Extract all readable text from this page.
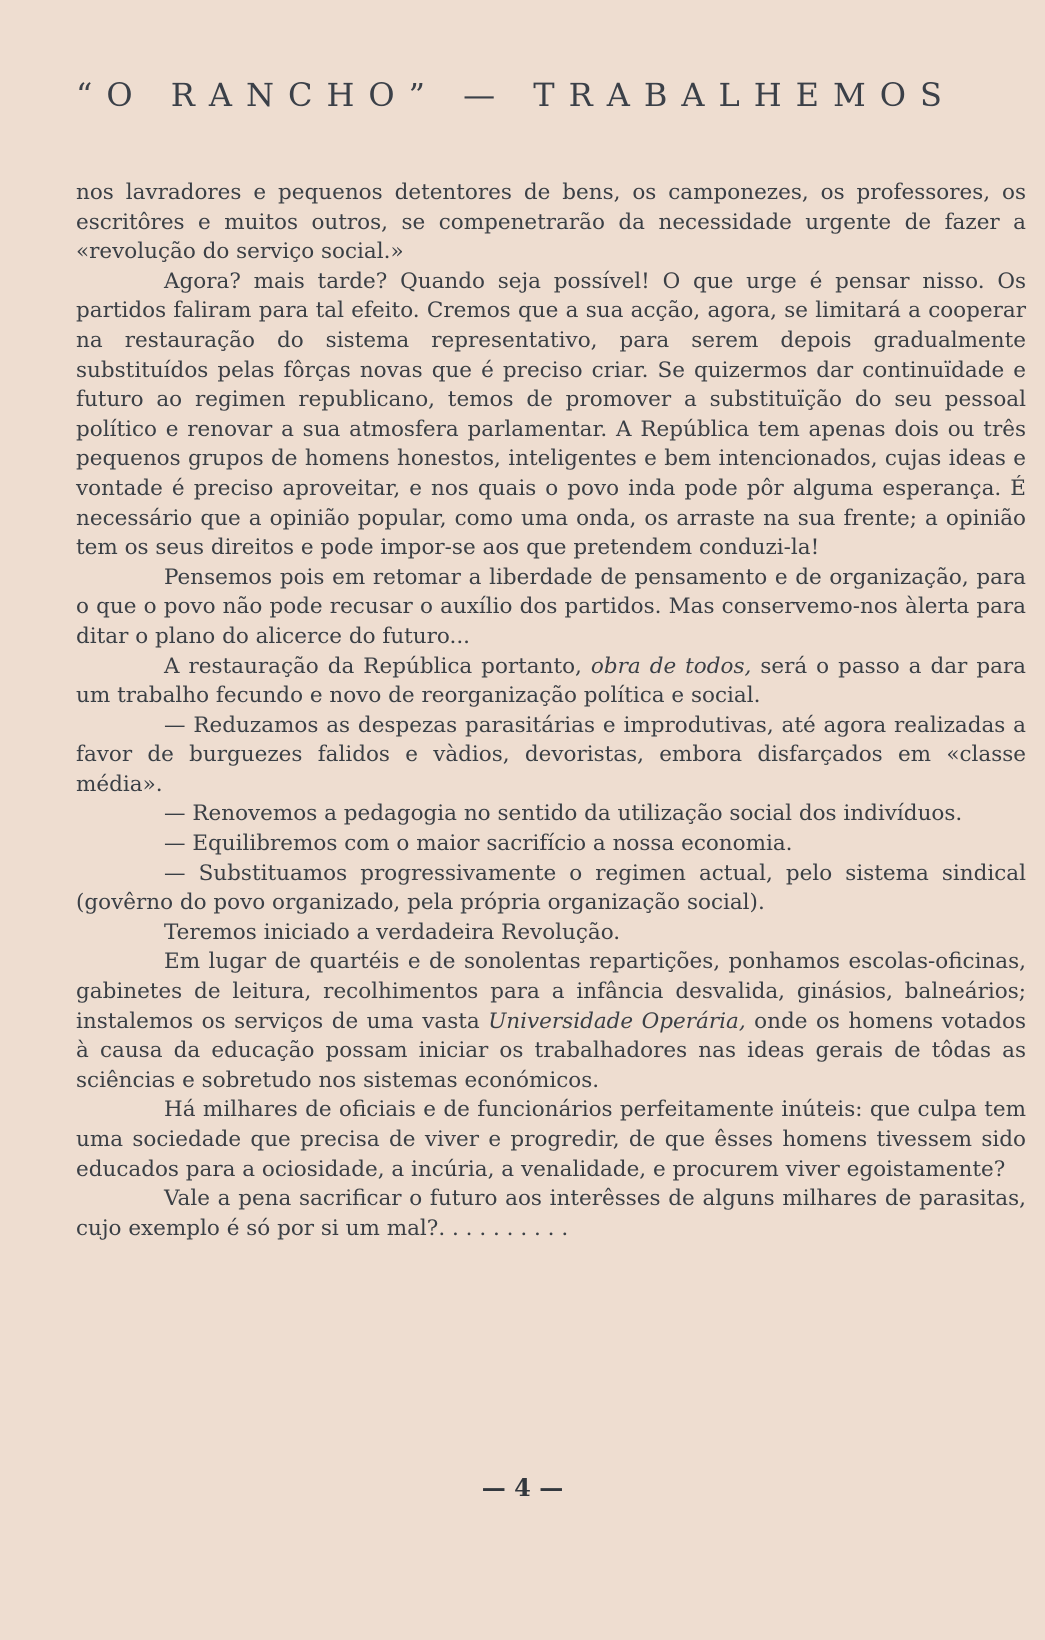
“O RANCHO” — TRABALHEMOS

nos lavradores e pequenos detentores de bens, os camponezes, os professores, os escritôres e muitos outros, se compenetrarão da necessidade urgente de fazer a «revolução do serviço social.»

Agora? mais tarde? Quando seja possível! O que urge é pensar nisso. Os partidos faliram para tal efeito. Cremos que a sua acção, agora, se limitará a cooperar na restauração do sistema representativo, para serem depois gradualmente substituídos pelas fôrças novas que é preciso criar. Se quizermos dar continuïdade e futuro ao regimen republicano, temos de promover a substituïção do seu pessoal político e renovar a sua atmosfera parlamentar. A República tem apenas dois ou três pequenos grupos de homens honestos, inteligentes e bem intencionados, cujas ideas e vontade é preciso aproveitar, e nos quais o povo inda pode pôr alguma esperança. É necessário que a opinião popular, como uma onda, os arraste na sua frente; a opinião tem os seus direitos e pode impor-se aos que pretendem conduzi-la!

Pensemos pois em retomar a liberdade de pensamento e de organização, para o que o povo não pode recusar o auxílio dos partidos. Mas conservemo-nos àlerta para ditar o plano do alicerce do futuro...

A restauração da República portanto, obra de todos, será o passo a dar para um trabalho fecundo e novo de reorganização política e social.

— Reduzamos as despezas parasitárias e improdutivas, até agora realizadas a favor de burguezes falidos e vàdios, devoristas, embora disfarçados em «classe média».

— Renovemos a pedagogia no sentido da utilização social dos indivíduos.

— Equilibremos com o maior sacrifício a nossa economia.

— Substituamos progressivamente o regimen actual, pelo sistema sindical (govêrno do povo organizado, pela própria organização social).

Teremos iniciado a verdadeira Revolução.

Em lugar de quartéis e de sonolentas repartições, ponhamos escolas-oficinas, gabinetes de leitura, recolhimentos para a infância desvalida, ginásios, balneários; instalemos os serviços de uma vasta Universidade Operária, onde os homens votados à causa da educação possam iniciar os trabalhadores nas ideas gerais de tôdas as sciências e sobretudo nos sistemas económicos.

Há milhares de oficiais e de funcionários perfeitamente inúteis: que culpa tem uma sociedade que precisa de viver e progredir, de que êsses homens tivessem sido educados para a ociosidade, a incúria, a venalidade, e procurem viver egoistamente?

Vale a pena sacrificar o futuro aos interêsses de alguns milhares de parasitas, cujo exemplo é só por si um mal?. . . . . . . . . .

— 4 —
